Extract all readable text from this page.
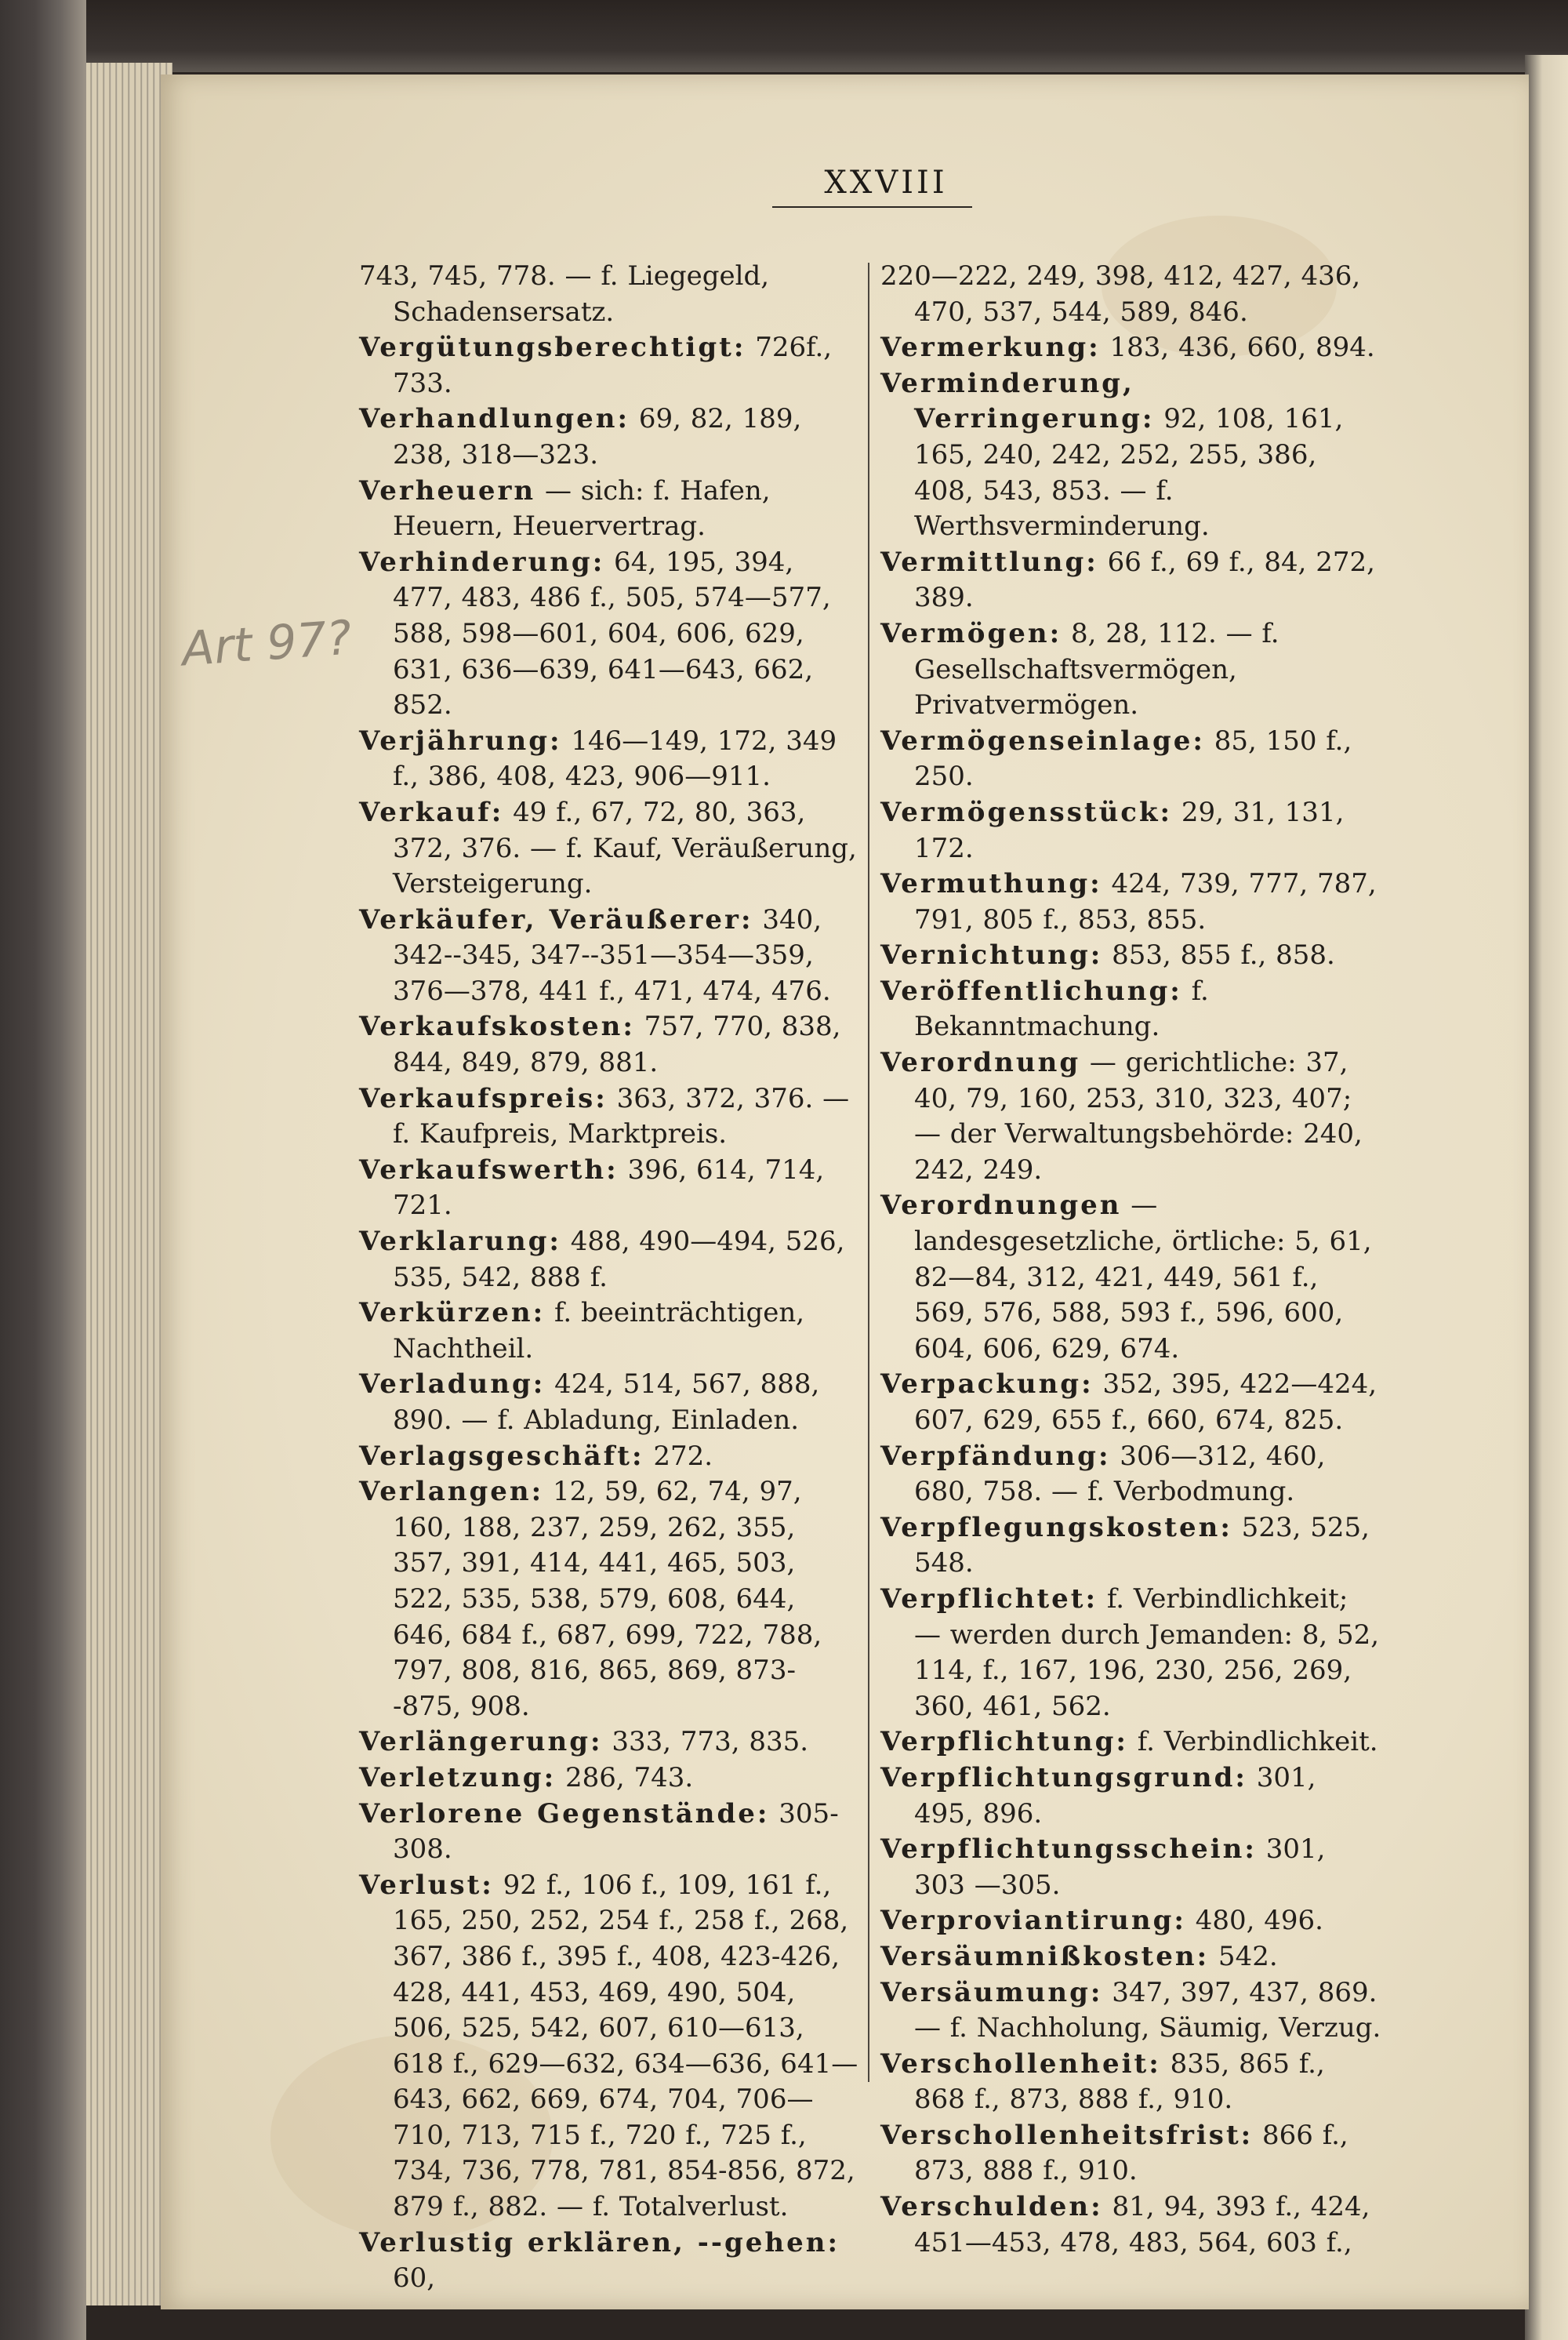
XXVIII
Art 97?
743, 745, 778. — f. Liegegeld, Schadensersatz.
Vergütungsberechtigt: 726f., 733.
Verhandlungen: 69, 82, 189, 238, 318—323.
Verheuern — sich: f. Hafen, Heuern, Heuervertrag.
Verhinderung: 64, 195, 394, 477, 483, 486 f., 505, 574—577, 588, 598—601, 604, 606, 629, 631, 636—639, 641—643, 662, 852.
Verjährung: 146—149, 172, 349 f., 386, 408, 423, 906—911.
Verkauf: 49 f., 67, 72, 80, 363, 372, 376. — f. Kauf, Veräußerung, Versteigerung.
Verkäufer, Veräußerer: 340, 342--345, 347--351—354—359, 376—378, 441 f., 471, 474, 476.
Verkaufskosten: 757, 770, 838, 844, 849, 879, 881.
Verkaufspreis: 363, 372, 376. — f. Kaufpreis, Marktpreis.
Verkaufswerth: 396, 614, 714, 721.
Verklarung: 488, 490—494, 526, 535, 542, 888 f.
Verkürzen: f. beeinträchtigen, Nachtheil.
Verladung: 424, 514, 567, 888, 890. — f. Abladung, Einladen.
Verlagsgeschäft: 272.
Verlangen: 12, 59, 62, 74, 97, 160, 188, 237, 259, 262, 355, 357, 391, 414, 441, 465, 503, 522, 535, 538, 579, 608, 644, 646, 684 f., 687, 699, 722, 788, 797, 808, 816, 865, 869, 873--875, 908.
Verlängerung: 333, 773, 835.
Verletzung: 286, 743.
Verlorene Gegenstände: 305-308.
Verlust: 92 f., 106 f., 109, 161 f., 165, 250, 252, 254 f., 258 f., 268, 367, 386 f., 395 f., 408, 423-426, 428, 441, 453, 469, 490, 504, 506, 525, 542, 607, 610—613, 618 f., 629—632, 634—636, 641—643, 662, 669, 674, 704, 706—710, 713, 715 f., 720 f., 725 f., 734, 736, 778, 781, 854-856, 872, 879 f., 882. — f. Totalverlust.
Verlustig erklären, --gehen: 60,
220—222, 249, 398, 412, 427, 436, 470, 537, 544, 589, 846.
Vermerkung: 183, 436, 660, 894.
Verminderung, Verringerung: 92, 108, 161, 165, 240, 242, 252, 255, 386, 408, 543, 853. — f. Werthsverminderung.
Vermittlung: 66 f., 69 f., 84, 272, 389.
Vermögen: 8, 28, 112. — f. Gesellschaftsvermögen, Privatvermögen.
Vermögenseinlage: 85, 150 f., 250.
Vermögensstück: 29, 31, 131, 172.
Vermuthung: 424, 739, 777, 787, 791, 805 f., 853, 855.
Vernichtung: 853, 855 f., 858.
Veröffentlichung: f. Bekanntmachung.
Verordnung — gerichtliche: 37, 40, 79, 160, 253, 310, 323, 407; — der Verwaltungsbehörde: 240, 242, 249.
Verordnungen — landesgesetzliche, örtliche: 5, 61, 82—84, 312, 421, 449, 561 f., 569, 576, 588, 593 f., 596, 600, 604, 606, 629, 674.
Verpackung: 352, 395, 422—424, 607, 629, 655 f., 660, 674, 825.
Verpfändung: 306—312, 460, 680, 758. — f. Verbodmung.
Verpflegungskosten: 523, 525, 548.
Verpflichtet: f. Verbindlichkeit; — werden durch Jemanden: 8, 52, 114, f., 167, 196, 230, 256, 269, 360, 461, 562.
Verpflichtung: f. Verbindlichkeit.
Verpflichtungsgrund: 301, 495, 896.
Verpflichtungsschein: 301, 303 —305.
Verproviantirung: 480, 496.
Versäumnißkosten: 542.
Versäumung: 347, 397, 437, 869. — f. Nachholung, Säumig, Verzug.
Verschollenheit: 835, 865 f., 868 f., 873, 888 f., 910.
Verschollenheitsfrist: 866 f., 873, 888 f., 910.
Verschulden: 81, 94, 393 f., 424, 451—453, 478, 483, 564, 603 f.,
